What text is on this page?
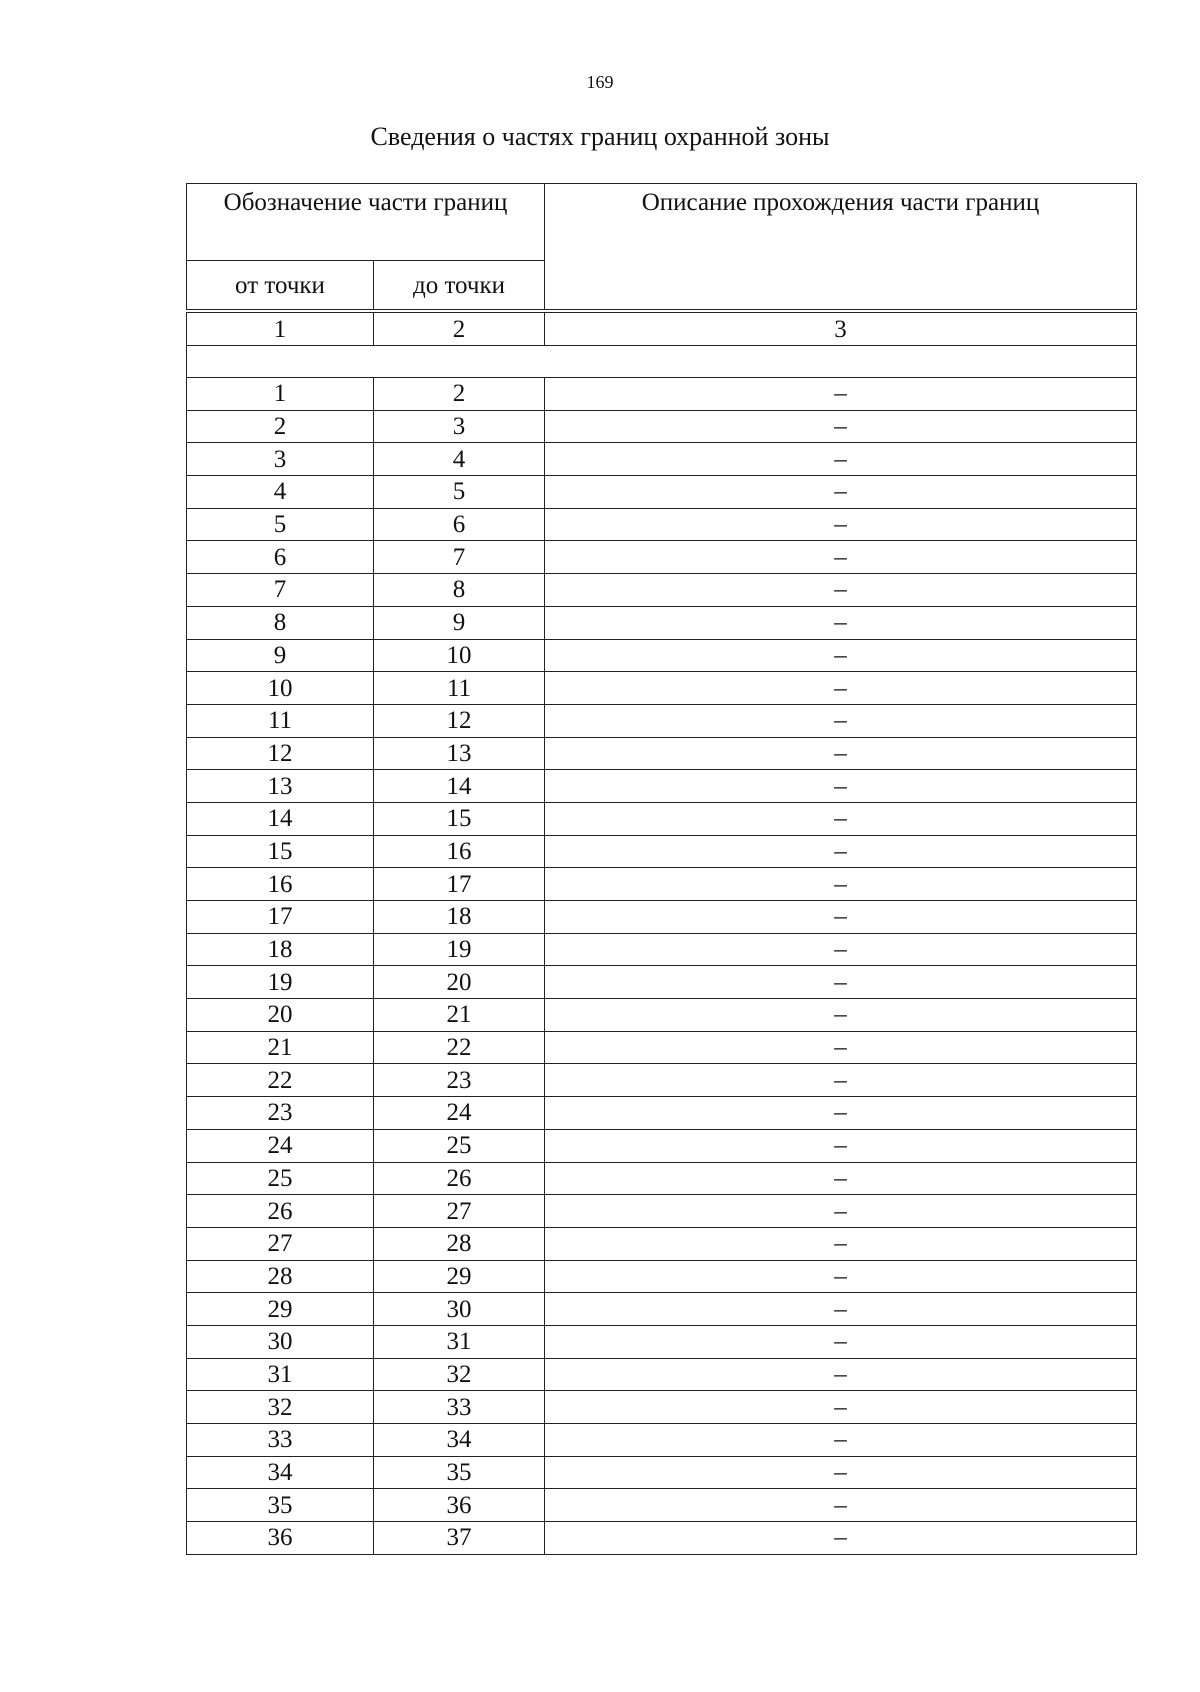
169
Сведения о частях границ охранной зоны
Обозначение части границ		Описание прохождения части границ
от точки	до точки	

1	2	3

1	2	–
2	3	–
3	4	–
4	5	–
5	6	–
6	7	–
7	8	–
8	9	–
9	10	–
10	11	–
11	12	–
12	13	–
13	14	–
14	15	–
15	16	–
16	17	–
17	18	–
18	19	–
19	20	–
20	21	–
21	22	–
22	23	–
23	24	–
24	25	–
25	26	–
26	27	–
27	28	–
28	29	–
29	30	–
30	31	–
31	32	–
32	33	–
33	34	–
34	35	–
35	36	–
36	37	–
